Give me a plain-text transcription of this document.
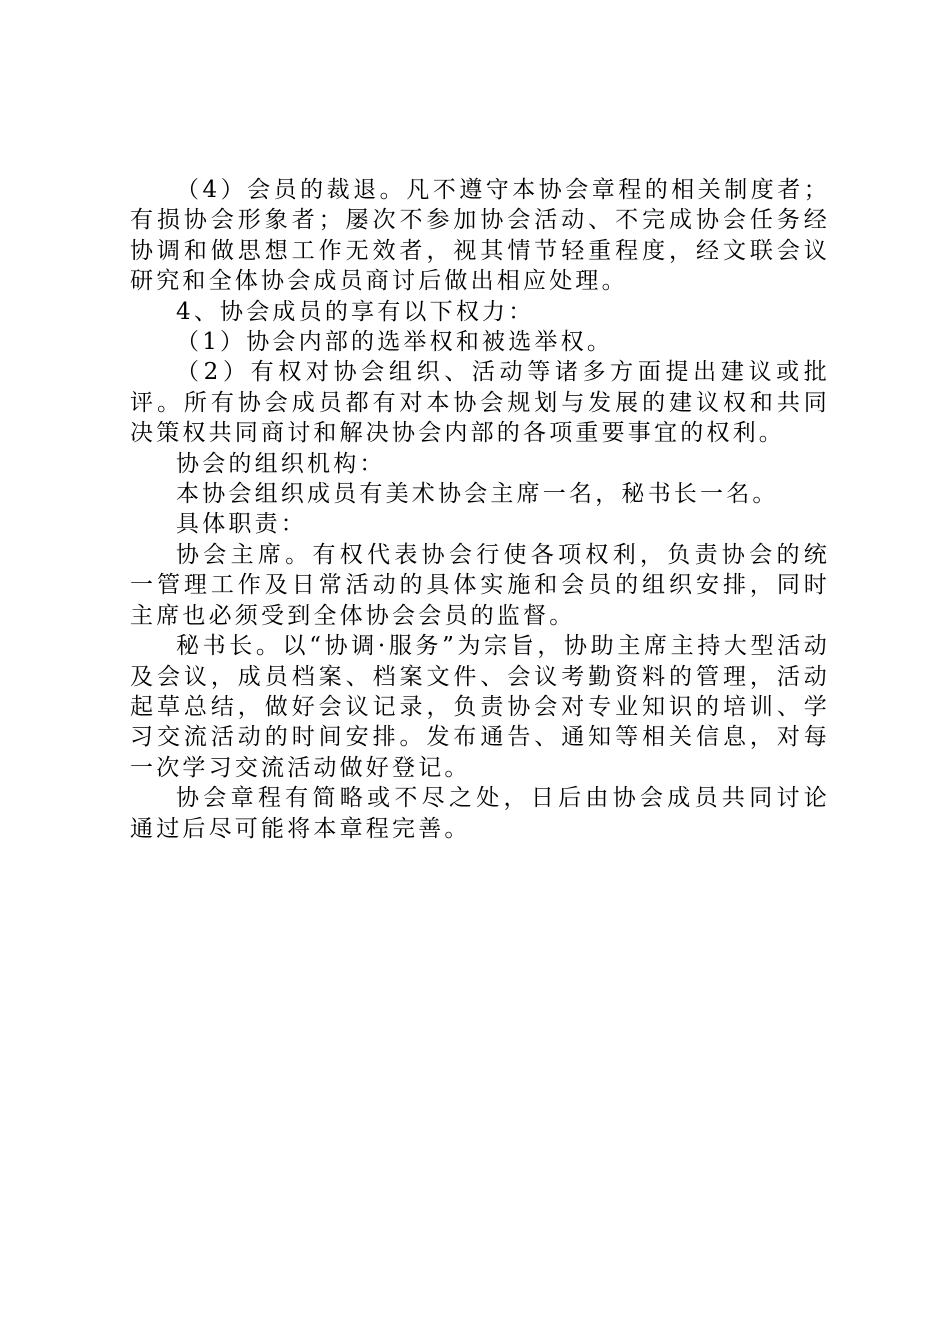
（4）会员的裁退。凡不遵守本协会章程的相关制度者；有损协会形象者；屡次不参加协会活动、不完成协会任务经协调和做思想工作无效者，视其情节轻重程度，经文联会议研究和全体协会成员商讨后做出相应处理。

4、协会成员的享有以下权力：

（1）协会内部的选举权和被选举权。

（2）有权对协会组织、活动等诸多方面提出建议或批评。所有协会成员都有对本协会规划与发展的建议权和共同决策权共同商讨和解决协会内部的各项重要事宜的权利。

协会的组织机构：

本协会组织成员有美术协会主席一名，秘书长一名。

具体职责：

协会主席。有权代表协会行使各项权利，负责协会的统一管理工作及日常活动的具体实施和会员的组织安排，同时主席也必须受到全体协会会员的监督。

秘书长。以“协调·服务”为宗旨，协助主席主持大型活动及会议，成员档案、档案文件、会议考勤资料的管理，活动起草总结，做好会议记录，负责协会对专业知识的培训、学习交流活动的时间安排。发布通告、通知等相关信息，对每一次学习交流活动做好登记。

协会章程有简略或不尽之处，日后由协会成员共同讨论通过后尽可能将本章程完善。
